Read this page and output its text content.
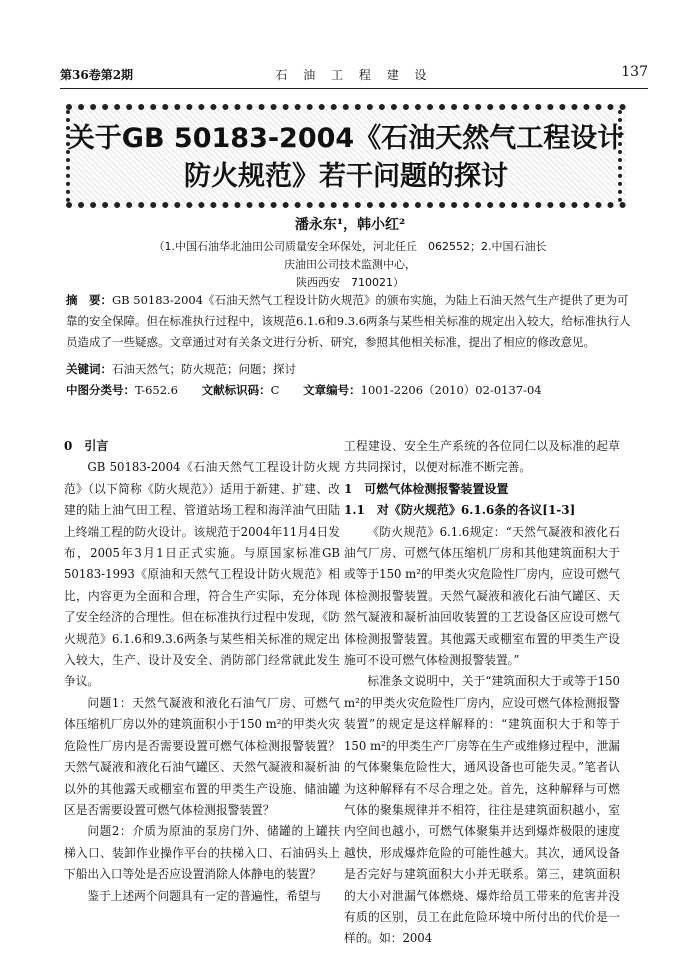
第36卷第2期	石 油 工 程 建 设	137
关于GB 50183-2004《石油天然气工程设计
防火规范》若干问题的探讨
潘永东¹，韩小红²
（1.中国石油华北油田公司质量安全环保处，河北任丘　062552；2.中国石油长庆油田公司技术监测中心，
陕西西安　710021）
摘　要：GB 50183-2004《石油天然气工程设计防火规范》的颁布实施，为陆上石油天然气生产提供了更为可靠的安全保障。但在标准执行过程中，该规范6.1.6和9.3.6两条与某些相关标准的规定出入较大，给标准执行人员造成了一些疑惑。文章通过对有关条文进行分析、研究，参照其他相关标准，提出了相应的修改意见。
关键词：石油天然气；防火规范；问题；探讨
中图分类号：T-652.6 文献标识码：C 文章编号：1001-2206（2010）02-0137-04
0　引言

GB 50183-2004《石油天然气工程设计防火规范》（以下简称《防火规范》）适用于新建、扩建、改建的陆上油气田工程、管道站场工程和海洋油气田陆上终端工程的防火设计。该规范于2004年11月4日发布，2005年3月1日正式实施。与原国家标准GB 50183-1993《原油和天然气工程设计防火规范》相比，内容更为全面和合理，符合生产实际，充分体现了安全经济的合理性。但在标准执行过程中发现，《防火规范》6.1.6和9.3.6两条与某些相关标准的规定出入较大，生产、设计及安全、消防部门经常就此发生争议。

问题1：天然气凝液和液化石油气厂房、可燃气体压缩机厂房以外的建筑面积小于150 m²的甲类火灾危险性厂房内是否需要设置可燃气体检测报警装置？天然气凝液和液化石油气罐区、天然气凝液和凝析油以外的其他露天或棚室布置的甲类生产设施、储油罐区是否需要设置可燃气体检测报警装置？

问题2：介质为原油的泵房门外、储罐的上罐扶梯入口、装卸作业操作平台的扶梯入口、石油码头上下船出入口等处是否应设置消除人体静电的装置？

鉴于上述两个问题具有一定的普遍性，希望与

工程建设、安全生产系统的各位同仁以及标准的起草方共同探讨，以便对标准不断完善。

1　可燃气体检测报警装置设置
1.1　对《防火规范》6.1.6条的各议[1-3]

《防火规范》6.1.6规定：“天然气凝液和液化石油气厂房、可燃气体压缩机厂房和其他建筑面积大于或等于150 m²的甲类火灾危险性厂房内，应设可燃气体检测报警装置。天然气凝液和液化石油气罐区、天然气凝液和凝析油回收装置的工艺设备区应设可燃气体检测报警装置。其他露天或棚室布置的甲类生产设施可不设可燃气体检测报警装置。”

标准条文说明中，关于“建筑面积大于或等于150 m²的甲类火灾危险性厂房内，应设可燃气体检测报警装置”的规定是这样解释的：“建筑面积大于和等于150 m²的甲类生产厂房等在生产或维修过程中，泄漏的气体聚集危险性大，通风设备也可能失灵。”笔者认为这种解释有不尽合理之处。首先，这种解释与可燃气体的聚集规律并不相符，往往是建筑面积越小，室内空间也越小，可燃气体聚集并达到爆炸极限的速度越快，形成爆炸危险的可能性越大。其次，通风设备是否完好与建筑面积大小并无联系。第三，建筑面积的大小对泄漏气体燃烧、爆炸给员工带来的危害并没有质的区别，员工在此危险环境中所付出的代价是一样的。如：2004
